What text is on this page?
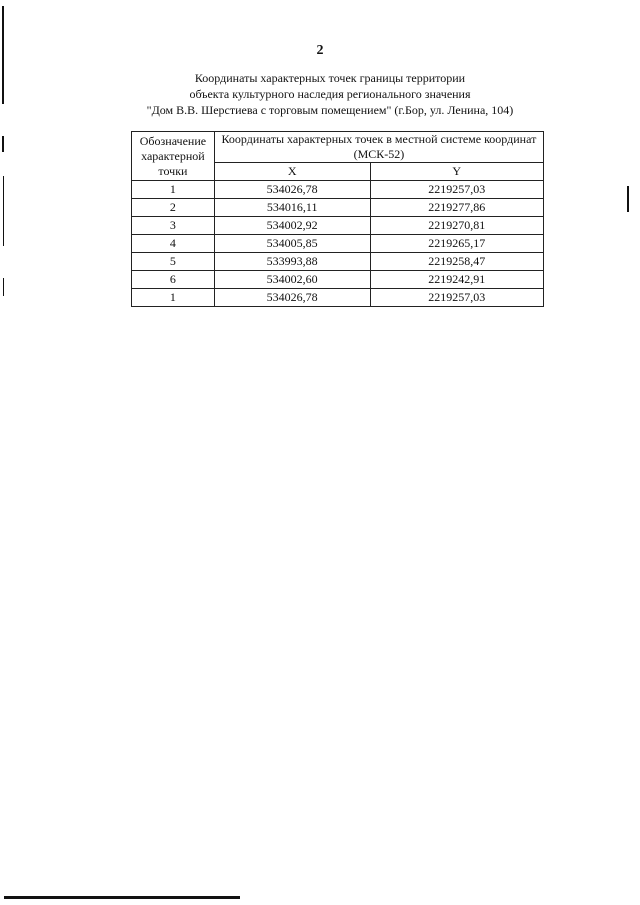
2
Координаты характерных точек границы территории
объекта культурного наследия регионального значения
"Дом В.В. Шерстиева с торговым помещением" (г.Бор, ул. Ленина, 104)
Обозначение характерной точки	Координаты характерных точек в местной системе координат (МСК-52)	
	X	Y
1	534026,78	2219257,03
2	534016,11	2219277,86
3	534002,92	2219270,81
4	534005,85	2219265,17
5	533993,88	2219258,47
6	534002,60	2219242,91
1	534026,78	2219257,03
